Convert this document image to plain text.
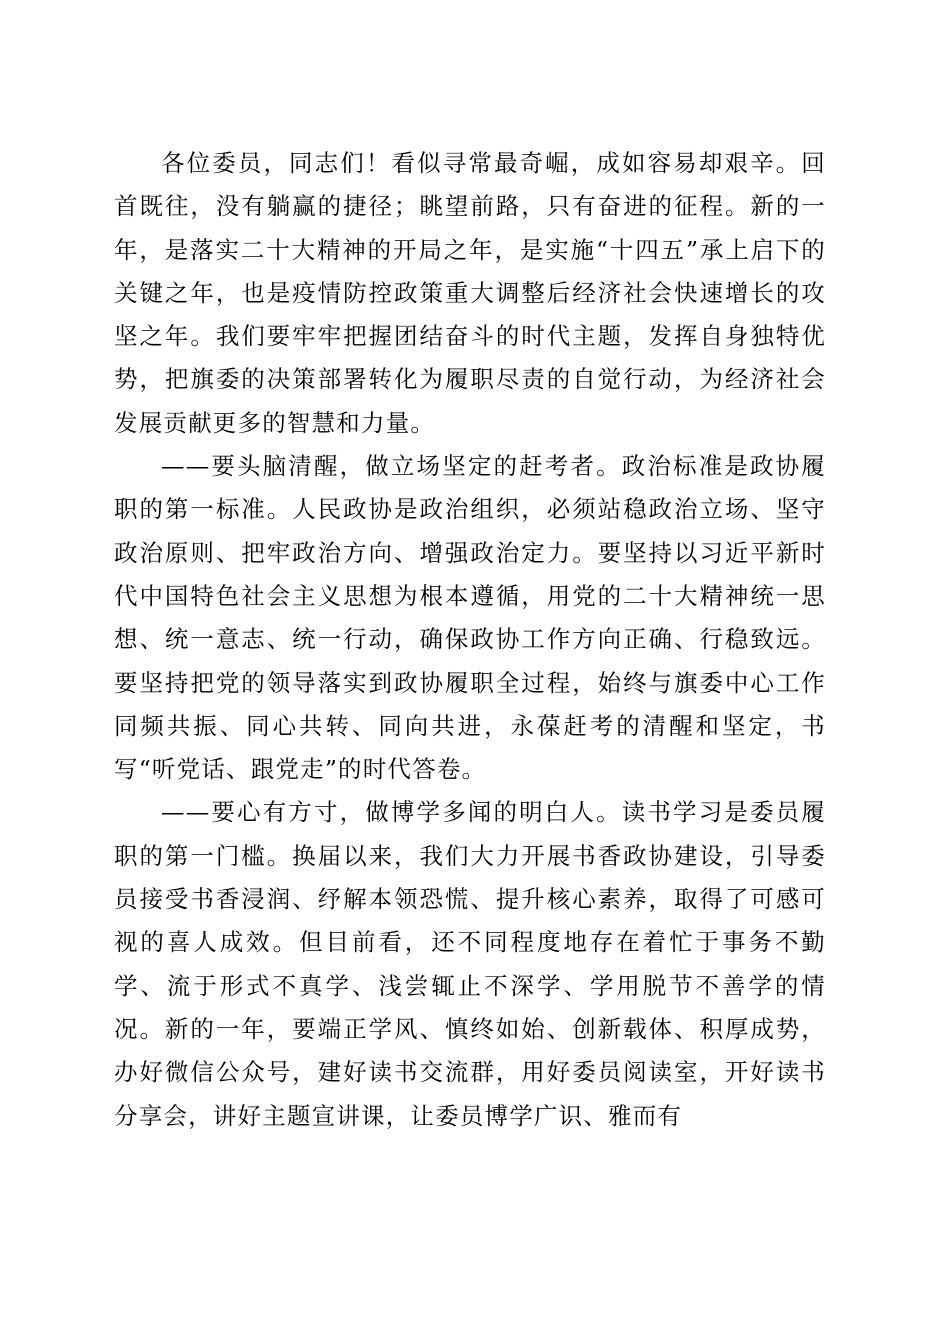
各位委员，同志们！看似寻常最奇崛，成如容易却艰辛。回首既往，没有躺赢的捷径；眺望前路，只有奋进的征程。新的一年，是落实二十大精神的开局之年，是实施“十四五”承上启下的关键之年，也是疫情防控政策重大调整后经济社会快速增长的攻坚之年。我们要牢牢把握团结奋斗的时代主题，发挥自身独特优势，把旗委的决策部署转化为履职尽责的自觉行动，为经济社会发展贡献更多的智慧和力量。

——要头脑清醒，做立场坚定的赶考者。政治标准是政协履职的第一标准。人民政协是政治组织，必须站稳政治立场、坚守政治原则、把牢政治方向、增强政治定力。要坚持以习近平新时代中国特色社会主义思想为根本遵循，用党的二十大精神统一思想、统一意志、统一行动，确保政协工作方向正确、行稳致远。要坚持把党的领导落实到政协履职全过程，始终与旗委中心工作同频共振、同心共转、同向共进，永葆赶考的清醒和坚定，书写“听党话、跟党走”的时代答卷。

——要心有方寸，做博学多闻的明白人。读书学习是委员履职的第一门槛。换届以来，我们大力开展书香政协建设，引导委员接受书香浸润、纾解本领恐慌、提升核心素养，取得了可感可视的喜人成效。但目前看，还不同程度地存在着忙于事务不勤学、流于形式不真学、浅尝辄止不深学、学用脱节不善学的情况。新的一年，要端正学风、慎终如始、创新载体、积厚成势，办好微信公众号，建好读书交流群，用好委员阅读室，开好读书分享会，讲好主题宣讲课，让委员博学广识、雅而有
